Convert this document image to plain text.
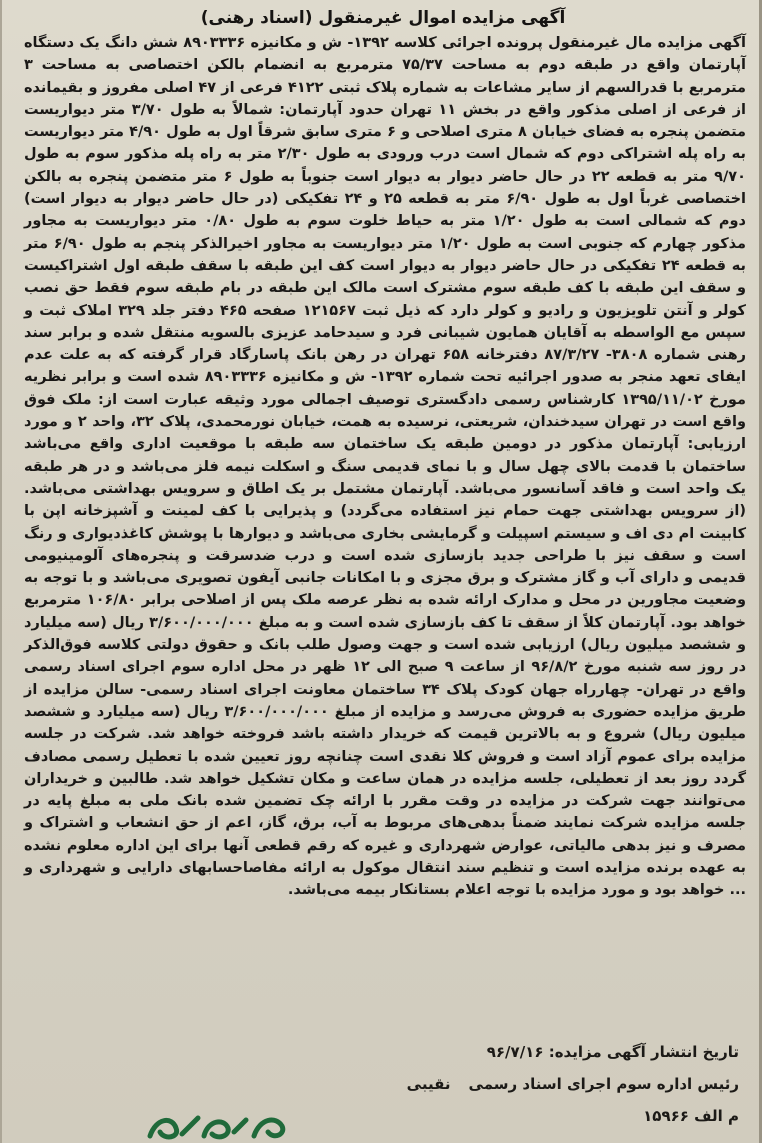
آگهی مزایده اموال غیرمنقول (اسناد رهنی)
آگهی مزایده مال غیرمنقول پرونده اجرائی کلاسه ۱۳۹۲- ش و مکانیزه ۸۹۰۳۳۳۶ شش دانگ یک دستگاه آپارتمان واقع در طبقه دوم به مساحت ۷۵/۳۷ مترمربع به انضمام بالکن اختصاصی به مساحت ۳ مترمربع با قدرالسهم از سایر مشاعات به شماره پلاک ثبتی ۴۱۲۲ فرعی از ۴۷ اصلی مفروز و بقیمانده از فرعی از اصلی مذکور واقع در بخش ۱۱ تهران حدود آپارتمان: شمالاً به طول ۳/۷۰ متر دیواریست متضمن پنجره به فضای خیابان ۸ متری اصلاحی و ۶ متری سابق شرقاً اول به طول ۴/۹۰ متر دیواریست به راه پله اشتراکی دوم که شمال است درب ورودی به طول ۲/۳۰ متر به راه پله مذکور سوم به طول ۹/۷۰ متر به قطعه ۲۲ در حال حاضر دیوار به دیوار است جنوباً به طول ۶ متر متضمن پنجره به بالکن اختصاصی غرباً اول به طول ۶/۹۰ متر به قطعه ۲۵ و ۲۴ تفکیکی (در حال حاضر دیوار به دیوار است) دوم که شمالی است به طول ۱/۲۰ متر به حیاط خلوت سوم به طول ۰/۸۰ متر دیواریست به مجاور مذکور چهارم که جنوبی است به طول ۱/۲۰ متر دیواریست به مجاور اخیرالذکر پنجم به طول ۶/۹۰ متر به قطعه ۲۴ تفکیکی در حال حاضر دیوار به دیوار است کف این طبقه با سقف طبقه اول اشتراکیست و سقف این طبقه با کف طبقه سوم مشترک است مالک این طبقه در بام طبقه سوم فقط حق نصب کولر و آنتن تلویزیون و رادیو و کولر دارد که ذیل ثبت ۱۲۱۵۶۷ صفحه ۴۶۵ دفتر جلد ۳۲۹ املاک ثبت و سپس مع الواسطه به آقایان همایون شیبانی فرد و سیدحامد عزیزی بالسویه منتقل شده و برابر سند رهنی شماره ۳۸۰۸- ۸۷/۳/۲۷ دفترخانه ۶۵۸ تهران در رهن بانک پاسارگاد قرار گرفته که به علت عدم ایفای تعهد منجر به صدور اجرائیه تحت شماره ۱۳۹۲- ش و مکانیزه ۸۹۰۳۳۳۶ شده است و برابر نظریه مورخ ۱۳۹۵/۱۱/۰۲ کارشناس رسمی دادگستری توصیف اجمالی مورد وثیقه عبارت است از: ملک فوق واقع است در تهران سیدخندان، شریعتی، نرسیده به همت، خیابان نورمحمدی، پلاک ۳۲، واحد ۲ و مورد ارزیابی: آپارتمان مذکور در دومین طبقه یک ساختمان سه طبقه با موقعیت اداری واقع می‌باشد ساختمان با قدمت بالای چهل سال و با نمای قدیمی سنگ و اسکلت نیمه فلز می‌باشد و در هر طبقه یک واحد است و فاقد آسانسور می‌باشد. آپارتمان مشتمل بر یک اطاق و سرویس بهداشتی می‌باشد. (از سرویس بهداشتی جهت حمام نیز استفاده می‌گردد) و پذیرایی با کف لمینت و آشپزخانه اپن با کابینت ام دی اف و سیستم اسپیلت و گرمایشی بخاری می‌باشد و دیوارها با پوشش کاغذدیواری و رنگ است و سقف نیز با طراحی جدید بازسازی شده است و درب ضدسرقت و پنجره‌های آلومینیومی قدیمی و دارای آب و گاز مشترک و برق مجزی و با امکانات جانبی آیفون تصویری می‌باشد و با توجه به وضعیت مجاورین در محل و مدارک ارائه شده به نظر عرصه ملک پس از اصلاحی برابر ۱۰۶/۸۰ مترمربع خواهد بود. آپارتمان کلاً از سقف تا کف بازسازی شده است و به مبلغ ۳/۶۰۰/۰۰۰/۰۰۰ ریال (سه میلیارد و ششصد میلیون ریال) ارزیابی شده است و جهت وصول طلب بانک و حقوق دولتی کلاسه فوق‌الذکر در روز سه شنبه مورخ ۹۶/۸/۲ از ساعت ۹ صبح الی ۱۲ ظهر در محل اداره سوم اجرای اسناد رسمی واقع در تهران- چهارراه جهان کودک پلاک ۳۴ ساختمان معاونت اجرای اسناد رسمی- سالن مزایده از طریق مزایده حضوری به فروش می‌رسد و مزایده از مبلغ ۳/۶۰۰/۰۰۰/۰۰۰ ریال (سه میلیارد و ششصد میلیون ریال) شروع و به بالاترین قیمت که خریدار داشته باشد فروخته خواهد شد. شرکت در جلسه مزایده برای عموم آزاد است و فروش کلا نقدی است چنانچه روز تعیین شده با تعطیل رسمی مصادف گردد روز بعد از تعطیلی، جلسه مزایده در همان ساعت و مکان تشکیل خواهد شد. طالبین و خریداران می‌توانند جهت شرکت در مزایده در وقت مقرر با ارائه چک تضمین شده بانک ملی به مبلغ پایه در جلسه مزایده شرکت نمایند ضمناً بدهی‌های مربوط به آب، برق، گاز، اعم از حق انشعاب و اشتراک و مصرف و نیز بدهی مالیاتی، عوارض شهرداری و غیره که رقم قطعی آنها برای این اداره معلوم نشده به عهده برنده مزایده است و تنظیم سند انتقال موکول به ارائه مفاصاحسابهای دارایی و شهرداری و ... خواهد بود و مورد مزایده با توجه اعلام بستانکار بیمه می‌باشد.
تاریخ انتشار آگهی مزایده: ۹۶/۷/۱۶
رئیس اداره سوم اجرای اسناد رسمینقیبی
م الف ۱۵۹۶۶
